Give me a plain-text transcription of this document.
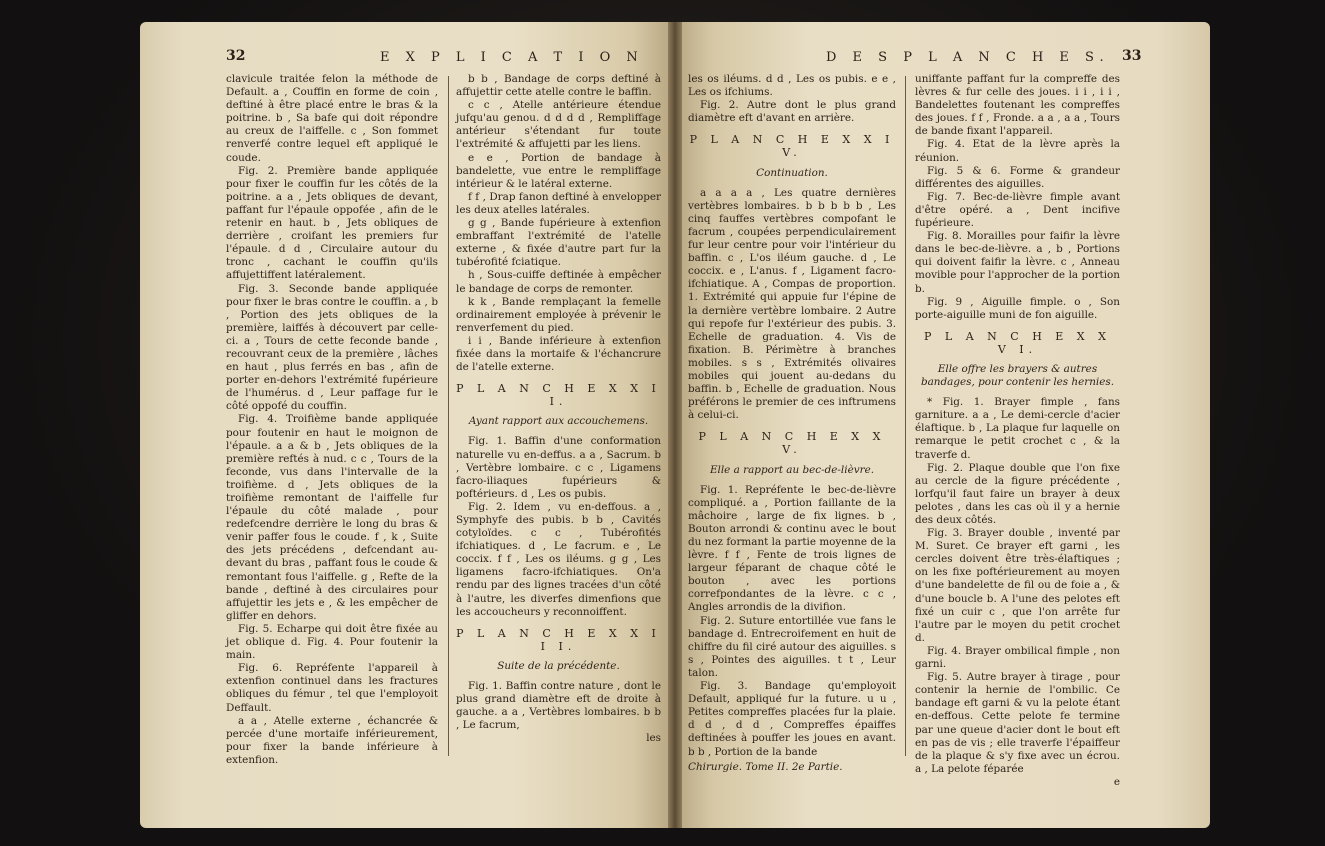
32	E X P L I C A T I O N	33
D E S P L A N C H E S.

clavicule traitée felon la méthode de Default. a , Couffin en forme de coin , deftiné à être placé entre le bras & la poitrine. b , Sa bafe qui doit répondre au creux de l'aiffelle. c , Son fommet renverfé contre lequel eft appliqué le coude.

Fig. 2. Première bande appliquée pour fixer le couffin fur les côtés de la poitrine. a a , Jets obliques de devant, paffant fur l'épaule oppofée , afin de le retenir en haut. b , Jets obliques de derrière , croifant les premiers fur l'épaule. d d , Circulaire autour du tronc , cachant le couffin qu'ils affujettiffent latéralement.

Fig. 3. Seconde bande appliquée pour fixer le bras contre le couffin. a , b , Portion des jets obliques de la première, laiffés à découvert par celle-ci. a , Tours de cette feconde bande , recouvrant ceux de la première , lâches en haut , plus ferrés en bas , afin de porter en-dehors l'extrémité fupérieure de l'humérus. d , Leur paffage fur le côté oppofé du couffin.

Fig. 4. Troifième bande appliquée pour foutenir en haut le moignon de l'épaule. a a & b , Jets obliques de la première reftés à nud. c c , Tours de la feconde, vus dans l'intervalle de la troifième. d , Jets obliques de la troifième remontant de l'aiffelle fur l'épaule du côté malade , pour redefcendre derrière le long du bras & venir paffer fous le coude. f , k , Suite des jets précédens , defcendant au-devant du bras , paffant fous le coude & remontant fous l'aiffelle. g , Refte de la bande , deftiné à des circulaires pour affujettir les jets e , & les empêcher de gliffer en dehors.

Fig. 5. Echarpe qui doit être fixée au jet oblique d. Fig. 4. Pour foutenir la main.

Fig. 6. Repréfente l'appareil à extenfion continuel dans les fractures obliques du fémur , tel que l'employoit Deffault.

a a , Atelle externe , échancrée & percée d'une mortaife inférieurement, pour fixer la bande inférieure à extenfion.

b b , Bandage de corps deftiné à affujettir cette atelle contre le baffin.

c c , Atelle antérieure étendue jufqu'au genou. d d d d , Rempliffage antérieur s'étendant fur toute l'extrémité & affujetti par les liens.

e e , Portion de bandage à bandelette, vue entre le rempliffage intérieur & le latéral externe.

f f , Drap fanon deftiné à envelopper les deux atelles latérales.

g g , Bande fupérieure à extenfion embraffant l'extrémité de l'atelle externe , & fixée d'autre part fur la tubérofité fciatique.

h , Sous-cuiffe deftinée à empêcher le bandage de corps de remonter.

k k , Bande remplaçant la femelle ordinairement employée à prévenir le renverfement du pied.

i i , Bande inférieure à extenfion fixée dans la mortaife & l'échancrure de l'atelle externe.

P L A N C H E X X I I.
Ayant rapport aux accouchemens.

Fig. 1. Baffin d'une conformation naturelle vu en-deffus. a a , Sacrum. b , Vertèbre lombaire. c c , Ligamens facro-iliaques fupérieurs & poftérieurs. d , Les os pubis.

Fig. 2. Idem , vu en-deffous. a , Symphyfe des pubis. b b , Cavités cotyloïdes. c c , Tubérofités ifchiatiques. d , Le facrum. e , Le coccix. f f , Les os iléums. g g , Les ligamens facro-ifchiatiques. On'a rendu par des lignes tracées d'un côté à l'autre, les diverfes dimenfions que les accoucheurs y reconnoiffent.

P L A N C H E X X I I I.
Suite de la précédente.

Fig. 1. Baffin contre nature , dont le plus grand diamètre eft de droite à gauche. a a , Vertèbres lombaires. b b , Le facrum,

les

les os iléums. d d , Les os pubis. e e , Les os ifchiums.

Fig. 2. Autre dont le plus grand diamètre eft d'avant en arrière.

P L A N C H E X X I V.
Continuation.

a a a a , Les quatre dernières vertèbres lombaires. b b b b b , Les cinq fauffes vertèbres compofant le facrum , coupées perpendiculairement fur leur centre pour voir l'intérieur du baffin. c , L'os iléum gauche. d , Le coccix. e , L'anus. f , Ligament facro-ifchiatique. A , Compas de proportion. 1. Extrémité qui appuie fur l'épine de la dernière vertèbre lombaire. 2 Autre qui repofe fur l'extérieur des pubis. 3. Echelle de graduation. 4. Vis de fixation. B. Périmètre à branches mobiles. s s , Extrémités olivaires mobiles qui jouent au-dedans du baffin. b , Echelle de graduation. Nous préférons le premier de ces inftrumens à celui-ci.

P L A N C H E X X V.
Elle a rapport au bec-de-lièvre.

Fig. 1. Repréfente le bec-de-lièvre compliqué. a , Portion faillante de la mâchoire , large de fix lignes. b , Bouton arrondi & continu avec le bout du nez formant la partie moyenne de la lèvre. f f , Fente de trois lignes de largeur féparant de chaque côté le bouton , avec les portions correfpondantes de la lèvre. c c , Angles arrondis de la divifion.

Fig. 2. Suture entortillée vue fans le bandage d. Entrecroifement en huit de chiffre du fil ciré autour des aiguilles. s s , Pointes des aiguilles. t t , Leur talon.

Fig. 3. Bandage qu'employoit Default, appliqué fur la future. u u , Petites compreffes placées fur la plaie. d d , d d , Compreffes épaiffes deftinées à pouffer les joues en avant. b b , Portion de la bande

Chirurgie. Tome II. 2e Partie.

uniffante paffant fur la compreffe des lèvres & fur celle des joues. i i , i i , Bandelettes foutenant les compreffes des joues. f f , Fronde. a a , a a , Tours de bande fixant l'appareil.

Fig. 4. Etat de la lèvre après la réunion.

Fig. 5 & 6. Forme & grandeur différentes des aiguilles.

Fig. 7. Bec-de-lièvre fimple avant d'être opéré. a , Dent incifive fupérieure.

Fig. 8. Morailles pour faifir la lèvre dans le bec-de-lièvre. a , b , Portions qui doivent faifir la lèvre. c , Anneau movible pour l'approcher de la portion b.

Fig. 9 , Aiguille fimple. o , Son porte-aiguille muni de fon aiguille.

P L A N C H E X X V I.
Elle offre les brayers & autres bandages, pour contenir les hernies.

* Fig. 1. Brayer fimple , fans garniture. a a , Le demi-cercle d'acier élaftique. b , La plaque fur laquelle on remarque le petit crochet c , & la traverfe d.

Fig. 2. Plaque double que l'on fixe au cercle de la figure précédente , lorfqu'il faut faire un brayer à deux pelotes , dans les cas où il y a hernie des deux côtés.

Fig. 3. Brayer double , inventé par M. Suret. Ce brayer eft garni , les cercles doivent être très-élaftiques ; on les fixe poftérieurement au moyen d'une bandelette de fil ou de foie a , & d'une boucle b. A l'une des pelotes eft fixé un cuir c , que l'on arrête fur l'autre par le moyen du petit crochet d.

Fig. 4. Brayer ombilical fimple , non garni.

Fig. 5. Autre brayer à tirage , pour contenir la hernie de l'ombilic. Ce bandage eft garni & vu la pelote étant en-deffous. Cette pelote fe termine par une queue d'acier dont le bout eft en pas de vis ; elle traverfe l'épaiffeur de la plaque & s'y fixe avec un écrou. a , La pelote féparée

e
